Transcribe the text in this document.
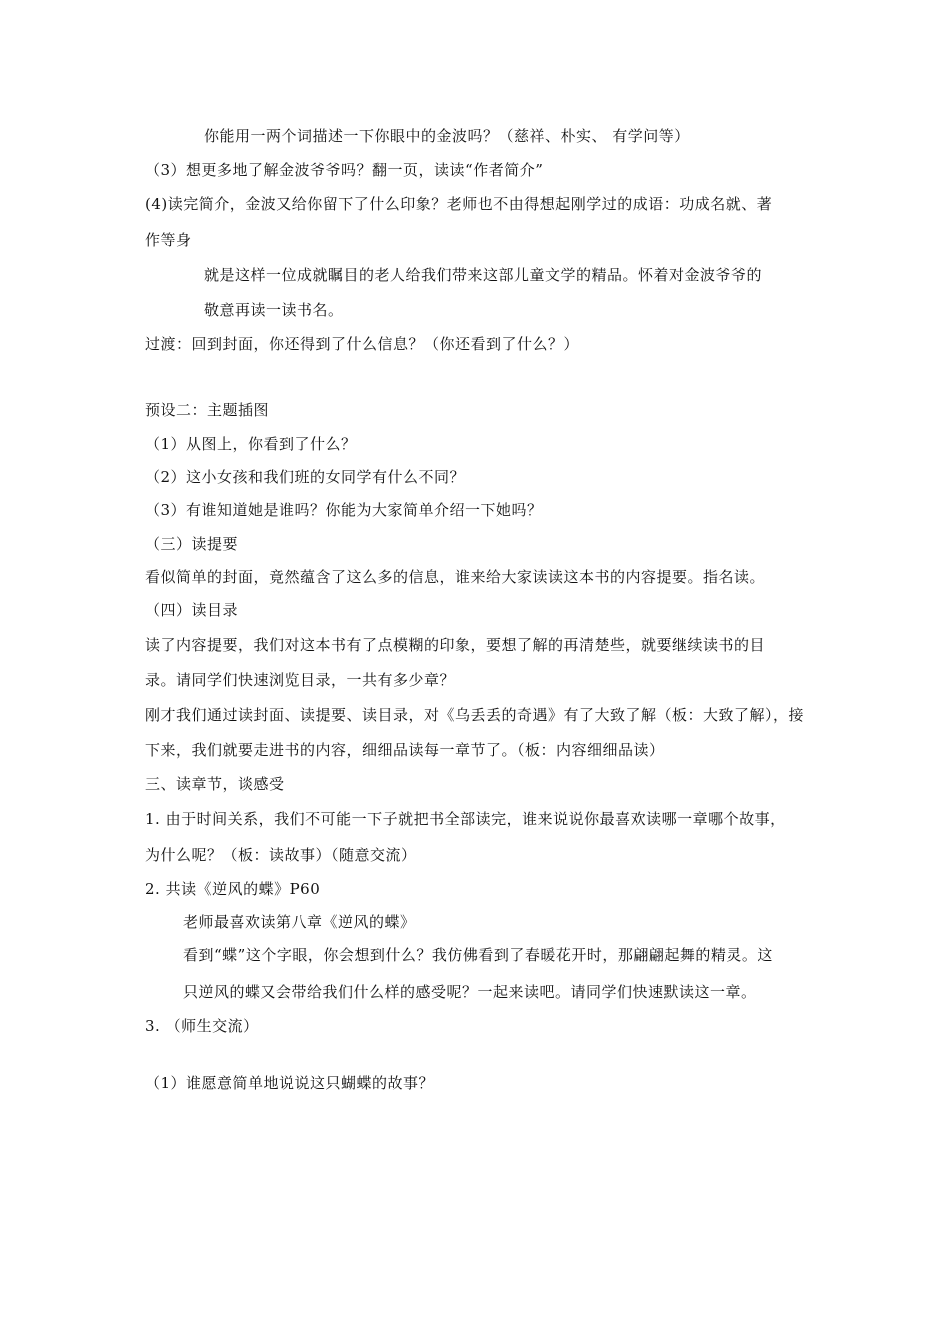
你能用一两个词描述一下你眼中的金波吗？（慈祥、朴实、 有学问等）
（3）想更多地了解金波爷爷吗？翻一页，读读“作者简介”
(4)读完简介，金波又给你留下了什么印象？老师也不由得想起刚学过的成语：功成名就、著
作等身
就是这样一位成就瞩目的老人给我们带来这部儿童文学的精品。怀着对金波爷爷的
敬意再读一读书名。
过渡：回到封面，你还得到了什么信息？（你还看到了什么？）
预设二：主题插图
（1）从图上，你看到了什么？
（2）这小女孩和我们班的女同学有什么不同？
（3）有谁知道她是谁吗？你能为大家简单介绍一下她吗？
（三）读提要
看似简单的封面，竟然蕴含了这么多的信息，谁来给大家读读这本书的内容提要。指名读。
（四）读目录
读了内容提要，我们对这本书有了点模糊的印象，要想了解的再清楚些，就要继续读书的目
录。请同学们快速浏览目录，一共有多少章？
刚才我们通过读封面、读提要、读目录，对《乌丢丢的奇遇》有了大致了解（板：大致了解），接
下来，我们就要走进书的内容，细细品读每一章节了。（板：内容细细品读）
三、读章节，谈感受
1. 由于时间关系，我们不可能一下子就把书全部读完，谁来说说你最喜欢读哪一章哪个故事，
为什么呢？（板：读故事）（随意交流）
2. 共读《逆风的蝶》P60
老师最喜欢读第八章《逆风的蝶》
看到“蝶”这个字眼，你会想到什么？我仿佛看到了春暖花开时，那翩翩起舞的精灵。这
只逆风的蝶又会带给我们什么样的感受呢？一起来读吧。请同学们快速默读这一章。
3. （师生交流）
（1）谁愿意简单地说说这只蝴蝶的故事？
